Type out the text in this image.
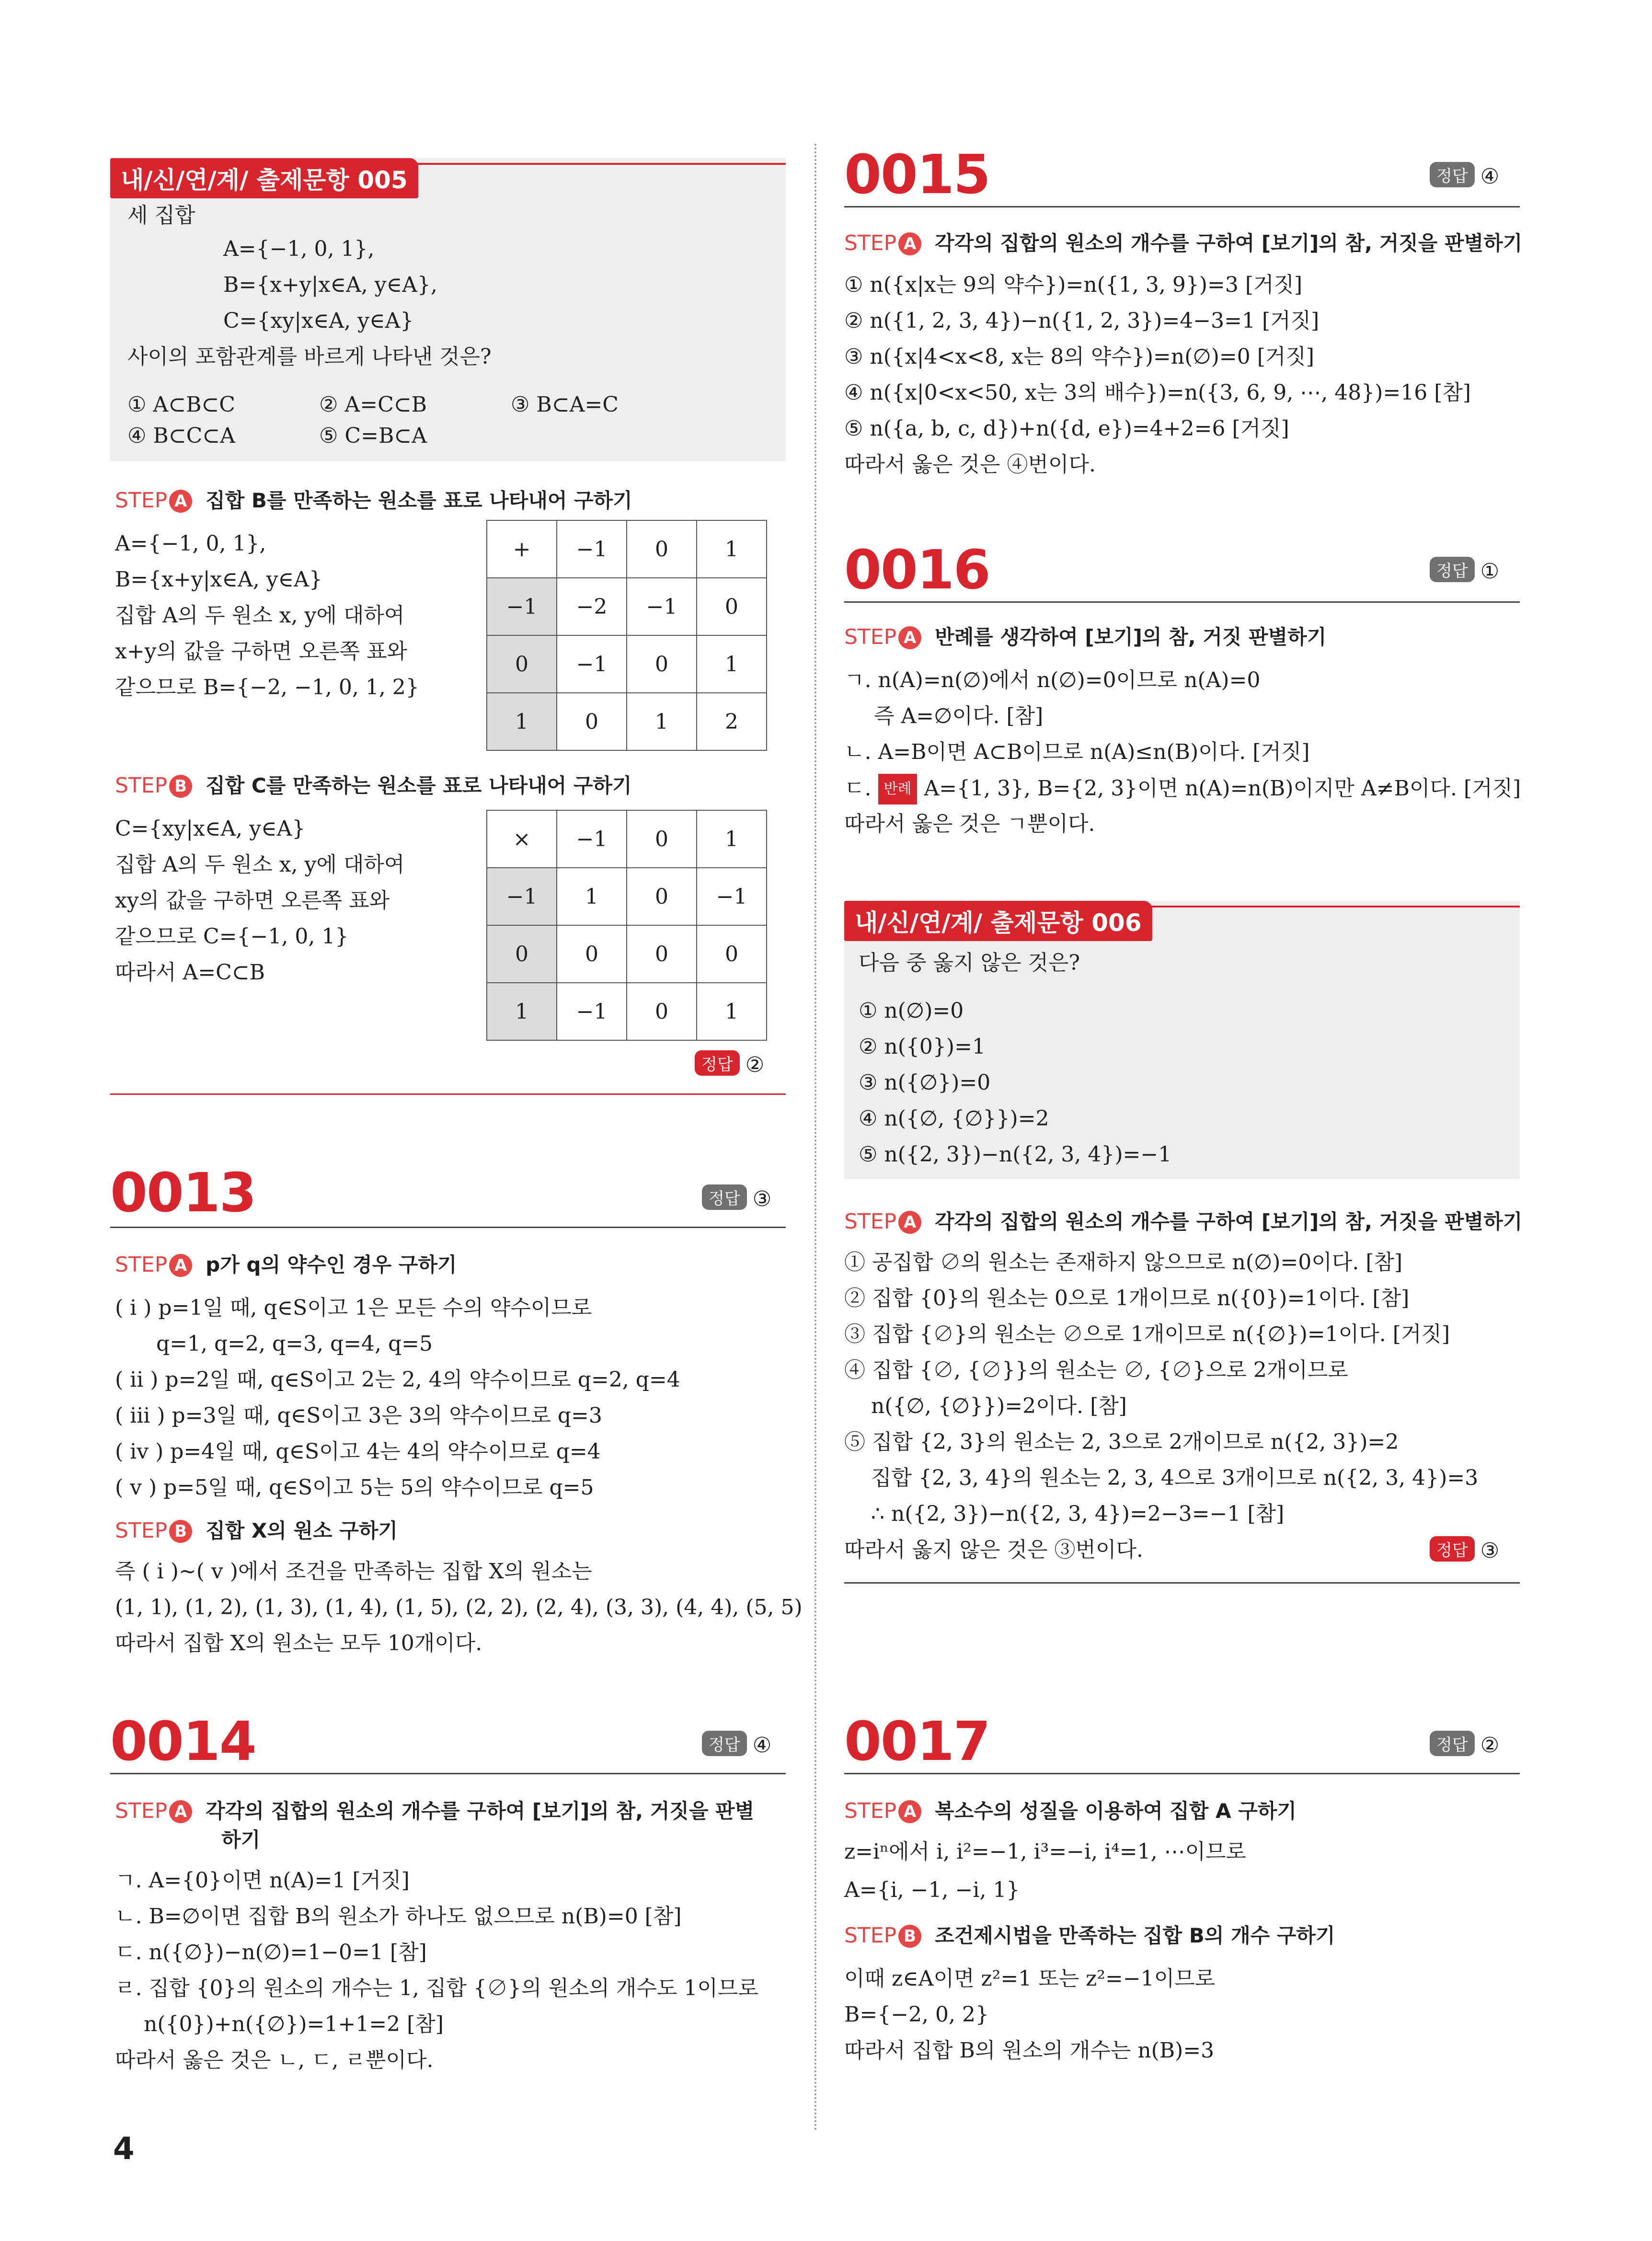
내/신/연/계/ 출제문항 005
세 집합
A={−1, 0, 1},
B={x+y|x∈A, y∈A},
C={xy|x∈A, y∈A}
사이의 포함관계를 바르게 나타낸 것은?
① A⊂B⊂C	② A=C⊂B	③ B⊂A=C
④ B⊂C⊂A	⑤ C=B⊂A
STEP A 집합 B를 만족하는 원소를 표로 나타내어 구하기
A={−1, 0, 1},
B={x+y|x∈A, y∈A}
집합 A의 두 원소 x, y에 대하여
x+y의 값을 구하면 오른쪽 표와
같으므로 B={−2, −1, 0, 1, 2}
+	−1	0	1
−1	−2	−1	0
0	−1	0	1
1	0	1	2
STEP B 집합 C를 만족하는 원소를 표로 나타내어 구하기
C={xy|x∈A, y∈A}
집합 A의 두 원소 x, y에 대하여
xy의 값을 구하면 오른쪽 표와
같으므로 C={−1, 0, 1}
따라서 A=C⊂B
×	−1	0	1
−1	1	0	−1
0	0	0	0
1	−1	0	1
정답 ②
0013	정답 ③
STEP A p가 q의 약수인 경우 구하기
( i ) p=1일 때, q∈S이고 1은 모든 수의 약수이므로
q=1, q=2, q=3, q=4, q=5
( ii ) p=2일 때, q∈S이고 2는 2, 4의 약수이므로 q=2, q=4
( iii ) p=3일 때, q∈S이고 3은 3의 약수이므로 q=3
( iv ) p=4일 때, q∈S이고 4는 4의 약수이므로 q=4
( v ) p=5일 때, q∈S이고 5는 5의 약수이므로 q=5
STEP B 집합 X의 원소 구하기
즉 ( i )~( v )에서 조건을 만족하는 집합 X의 원소는
(1, 1), (1, 2), (1, 3), (1, 4), (1, 5), (2, 2), (2, 4), (3, 3), (4, 4), (5, 5)
따라서 집합 X의 원소는 모두 10개이다.
0014	정답 ④
STEP A 각각의 집합의 원소의 개수를 구하여 [보기]의 참, 거짓을 판별
하기
ㄱ. A={0}이면 n(A)=1 [거짓]
ㄴ. B=∅이면 집합 B의 원소가 하나도 없으므로 n(B)=0 [참]
ㄷ. n({∅})−n(∅)=1−0=1 [참]
ㄹ. 집합 {0}의 원소의 개수는 1, 집합 {∅}의 원소의 개수도 1이므로
n({0})+n({∅})=1+1=2 [참]
따라서 옳은 것은 ㄴ, ㄷ, ㄹ뿐이다.
0015	정답 ④
STEP A 각각의 집합의 원소의 개수를 구하여 [보기]의 참, 거짓을 판별하기
① n({x|x는 9의 약수})=n({1, 3, 9})=3 [거짓]
② n({1, 2, 3, 4})−n({1, 2, 3})=4−3=1 [거짓]
③ n({x|4<x<8, x는 8의 약수})=n(∅)=0 [거짓]
④ n({x|0<x<50, x는 3의 배수})=n({3, 6, 9, ⋯, 48})=16 [참]
⑤ n({a, b, c, d})+n({d, e})=4+2=6 [거짓]
따라서 옳은 것은 ④번이다.
0016	정답 ①
STEP A 반례를 생각하여 [보기]의 참, 거짓 판별하기
ㄱ. n(A)=n(∅)에서 n(∅)=0이므로 n(A)=0
즉 A=∅이다. [참]
ㄴ. A=B이면 A⊂B이므로 n(A)≤n(B)이다. [거짓]
ㄷ. 반례 A={1, 3}, B={2, 3}이면 n(A)=n(B)이지만 A≠B이다. [거짓]
따라서 옳은 것은 ㄱ뿐이다.
내/신/연/계/ 출제문항 006
다음 중 옳지 않은 것은?
① n(∅)=0
② n({0})=1
③ n({∅})=0
④ n({∅, {∅}})=2
⑤ n({2, 3})−n({2, 3, 4})=−1
STEP A 각각의 집합의 원소의 개수를 구하여 [보기]의 참, 거짓을 판별하기
① 공집합 ∅의 원소는 존재하지 않으므로 n(∅)=0이다. [참]
② 집합 {0}의 원소는 0으로 1개이므로 n({0})=1이다. [참]
③ 집합 {∅}의 원소는 ∅으로 1개이므로 n({∅})=1이다. [거짓]
④ 집합 {∅, {∅}}의 원소는 ∅, {∅}으로 2개이므로
n({∅, {∅}})=2이다. [참]
⑤ 집합 {2, 3}의 원소는 2, 3으로 2개이므로 n({2, 3})=2
집합 {2, 3, 4}의 원소는 2, 3, 4으로 3개이므로 n({2, 3, 4})=3
∴ n({2, 3})−n({2, 3, 4})=2−3=−1 [참]
따라서 옳지 않은 것은 ③번이다.	정답 ③
0017	정답 ②
STEP A 복소수의 성질을 이용하여 집합 A 구하기
z=iⁿ에서 i, i²=−1, i³=−i, i⁴=1, ⋯이므로
A={i, −1, −i, 1}
STEP B 조건제시법을 만족하는 집합 B의 개수 구하기
이때 z∈A이면 z²=1 또는 z²=−1이므로
B={−2, 0, 2}
따라서 집합 B의 원소의 개수는 n(B)=3
4
